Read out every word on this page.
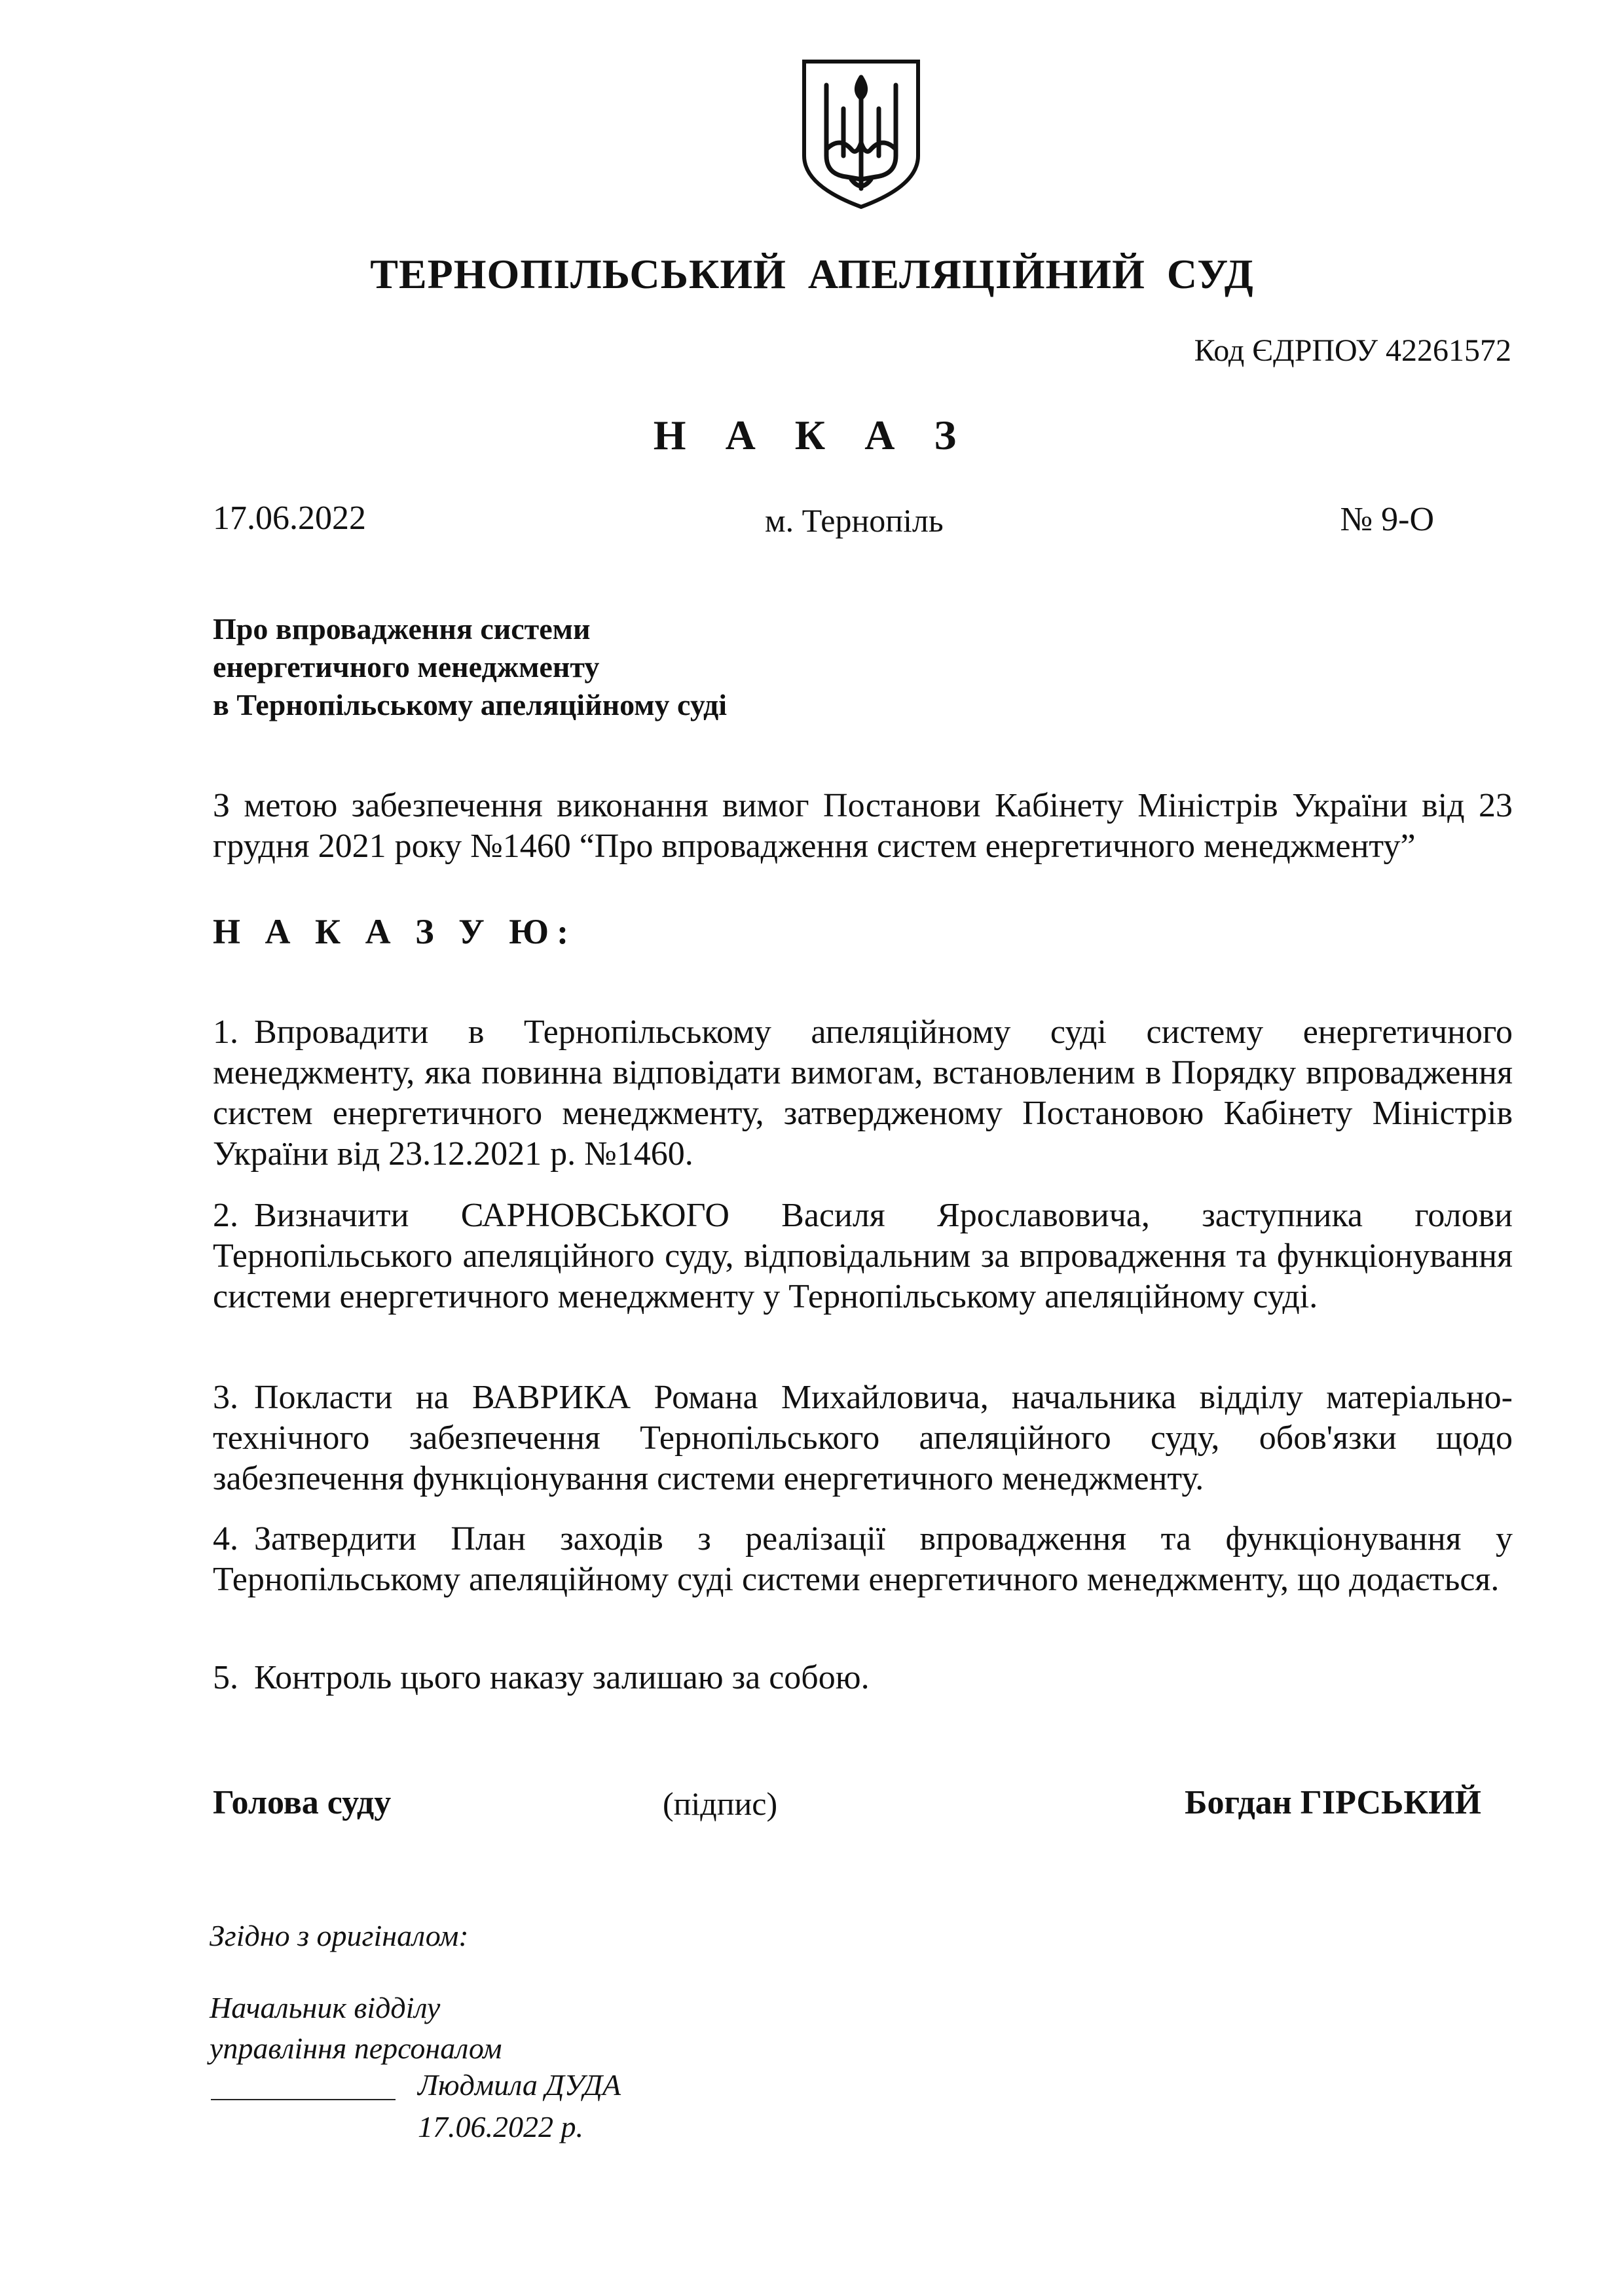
ТЕРНОПІЛЬСЬКИЙ АПЕЛЯЦІЙНИЙ СУД
Код ЄДРПОУ 42261572
Н А К А З
17.06.2022	м. Тернопіль	№ 9-О
Про впровадження системи
енергетичного менеджменту
в Тернопільському апеляційному суді
З метою забезпечення виконання вимог Постанови Кабінету Міністрів України від 23 грудня 2021 року №1460 “Про впровадження систем енергетичного менеджменту”
Н А К А З У Ю:
1. Впровадити в Тернопільському апеляційному суді систему енергетичного менеджменту, яка повинна відповідати вимогам, встановленим в Порядку впровадження систем енергетичного менеджменту, затвердженому Постановою Кабінету Міністрів України від 23.12.2021 р. №1460.
2. Визначити САРНОВСЬКОГО Василя Ярославовича, заступника голови Тернопільського апеляційного суду, відповідальним за впровадження та функціонування системи енергетичного менеджменту у Тернопільському апеляційному суді.
3. Покласти на ВАВРИКА Романа Михайловича, начальника відділу матеріально-технічного забезпечення Тернопільського апеляційного суду, обов'язки щодо забезпечення функціонування системи енергетичного менеджменту.
4. Затвердити План заходів з реалізації впровадження та функціонування у Тернопільському апеляційному суді системи енергетичного менеджменту, що додається.
5. Контроль цього наказу залишаю за собою.
Голова суду	(підпис)	Богдан ГІРСЬКИЙ
Згідно з оригіналом:
Начальник відділу
управління персоналом
Людмила ДУДА
17.06.2022 р.
